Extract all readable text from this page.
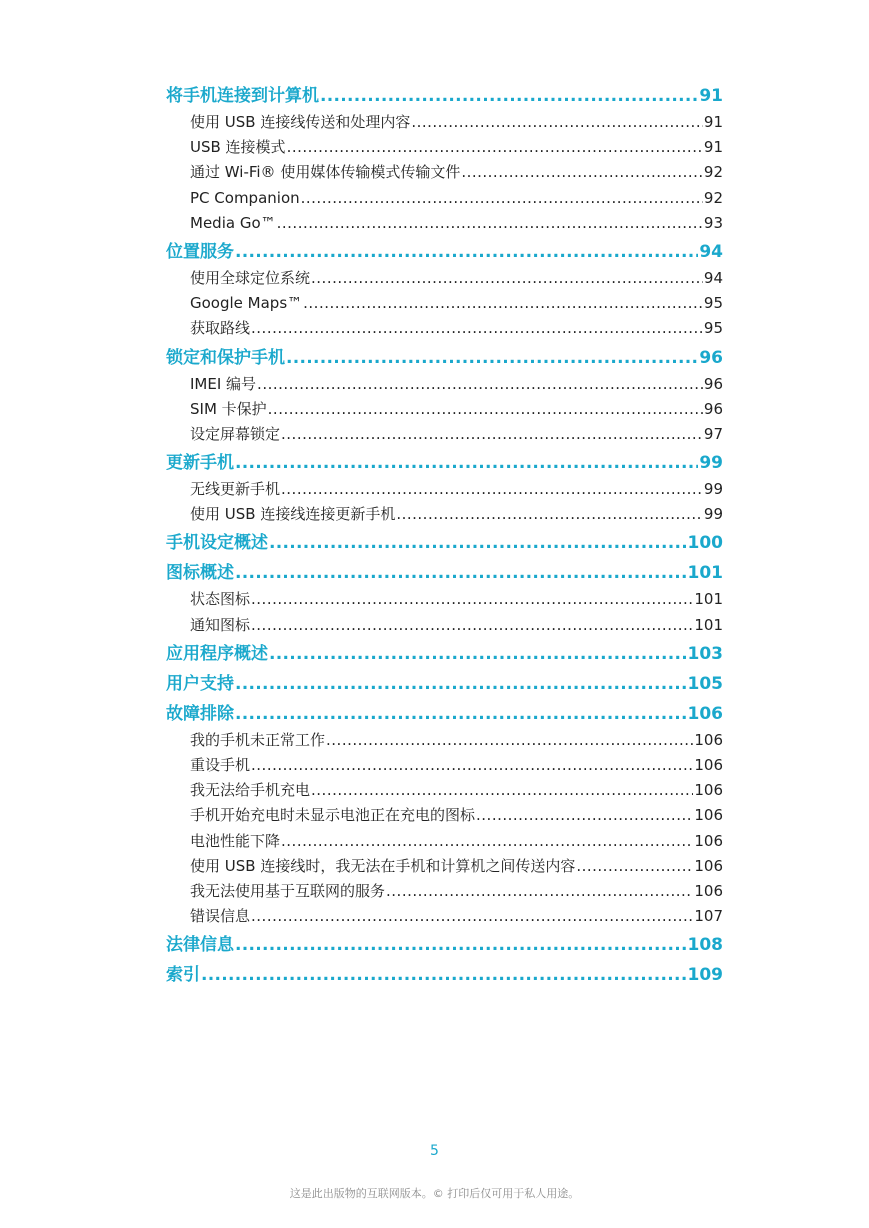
将手机连接到计算机 .....	91
使用 USB 连接线传送和处理内容 .....	91
USB 连接模式 .....	91
通过 Wi-Fi® 使用媒体传输模式传输文件 .....	92
PC Companion .....	92
Media Go™ .....	93
位置服务 .....	94
使用全球定位系统 .....	94
Google Maps™ .....	95
获取路线 .....	95
锁定和保护手机 .....	96
IMEI 编号 .....	96
SIM 卡保护 .....	96
设定屏幕锁定 .....	97
更新手机 .....	99
无线更新手机 .....	99
使用 USB 连接线连接更新手机 .....	99
手机设定概述 .....	100
图标概述 .....	101
状态图标 .....	101
通知图标 .....	101
应用程序概述 .....	103
用户支持 .....	105
故障排除 .....	106
我的手机未正常工作 .....	106
重设手机 .....	106
我无法给手机充电 .....	106
手机开始充电时未显示电池正在充电的图标 .....	106
电池性能下降 .....	106
使用 USB 连接线时，我无法在手机和计算机之间传送内容 .....	106
我无法使用基于互联网的服务 .....	106
错误信息 .....	107
法律信息 .....	108
索引 .....	109
5
这是此出版物的互联网版本。© 打印后仅可用于私人用途。
